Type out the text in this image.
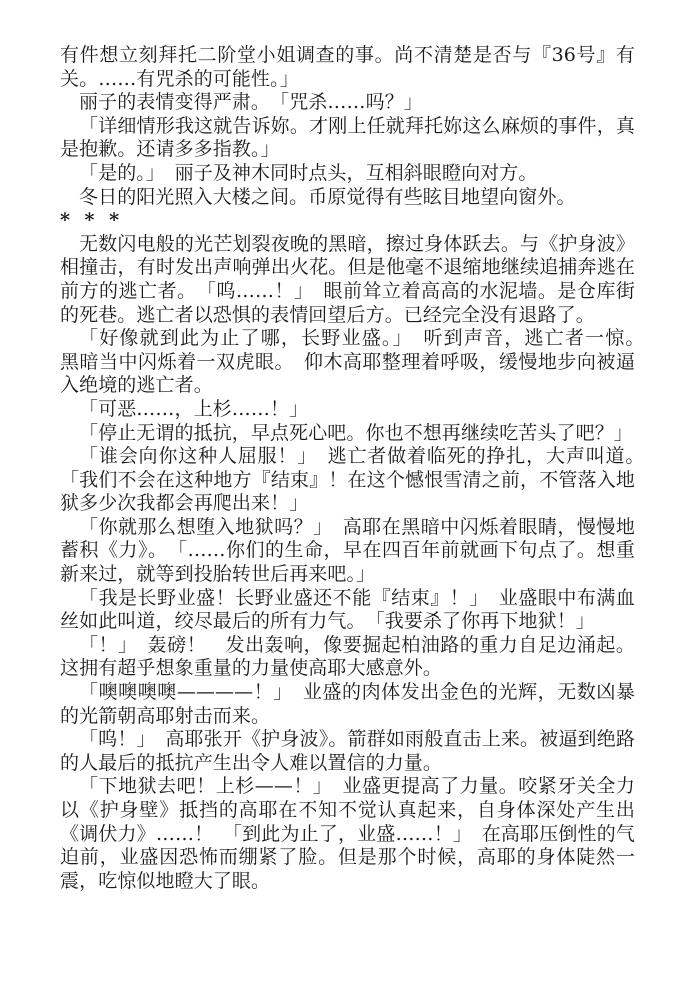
有件想立刻拜托二阶堂小姐调查的事。尚不清楚是否与『36号』有关。……有咒杀的可能性。」

丽子的表情变得严肃。　「咒杀……吗？」

「详细情形我这就告诉妳。才刚上任就拜托妳这么麻烦的事件，真是抱歉。还请多多指教。」

「是的。」　丽子及神木同时点头，互相斜眼瞪向对方。

冬日的阳光照入大楼之间。币原觉得有些眩目地望向窗外。

* * *

无数闪电般的光芒划裂夜晚的黑暗，擦过身体跃去。与《护身波》相撞击，有时发出声响弹出火花。但是他毫不退缩地继续追捕奔逃在前方的逃亡者。　「呜……！」　眼前耸立着高高的水泥墙。是仓库街的死巷。逃亡者以恐惧的表情回望后方。已经完全没有退路了。

「好像就到此为止了哪，长野业盛。」　听到声音，逃亡者一惊。　黑暗当中闪烁着一双虎眼。　仰木高耶整理着呼吸，缓慢地步向被逼入绝境的逃亡者。

「可恶……，上杉……！」

「停止无谓的抵抗，早点死心吧。你也不想再继续吃苦头了吧？」

「谁会向你这种人屈服！」　逃亡者做着临死的挣扎，大声叫道。　「我们不会在这种地方『结束』！在这个憾恨雪清之前，不管落入地狱多少次我都会再爬出来！」

「你就那么想堕入地狱吗？」　高耶在黑暗中闪烁着眼睛，慢慢地蓄积《力》。　「……你们的生命，早在四百年前就画下句点了。想重新来过，就等到投胎转世后再来吧。」

「我是长野业盛！长野业盛还不能『结束』！」　业盛眼中布满血丝如此叫道，绞尽最后的所有力气。　「我要杀了你再下地狱！」

「！」　轰磅！　发出轰响，像要掘起柏油路的重力自足边涌起。这拥有超乎想象重量的力量使高耶大感意外。

「噢噢噢噢————！」　业盛的肉体发出金色的光辉，无数凶暴的光箭朝高耶射击而来。

「呜！」　高耶张开《护身波》。箭群如雨般直击上来。被逼到绝路的人最后的抵抗产生出令人难以置信的力量。

「下地狱去吧！上杉——！」　业盛更提高了力量。咬紧牙关全力以《护身壁》抵挡的高耶在不知不觉认真起来，自身体深处产生出《调伏力》……！　「到此为止了，业盛……！」　在高耶压倒性的气迫前，业盛因恐怖而绷紧了脸。但是那个时候，高耶的身体陡然一震，吃惊似地瞪大了眼。
